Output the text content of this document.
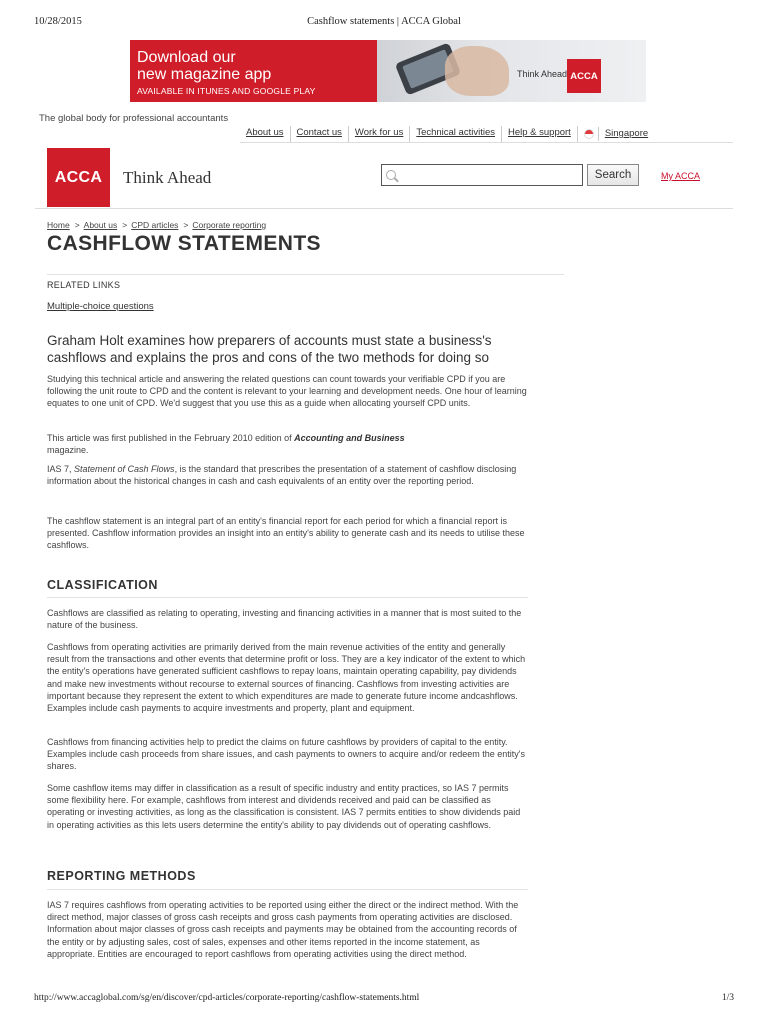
10/28/2015	Cashflow statements | ACCA Global
Download our
new magazine app
AVAILABLE IN ITUNES AND GOOGLE PLAY
Think Ahead ACCA
The global body for professional accountants
About us	Contact us	Work for us	Technical activities	Help & support	Singapore
ACCA	Think Ahead	Search	My ACCA
Home > About us > CPD articles > Corporate reporting
CASHFLOW STATEMENTS
RELATED LINKS
Multiple-choice questions

Graham Holt examines how preparers of accounts must state a business's cashflows and explains the pros and cons of the two methods for doing so

Studying this technical article and answering the related questions can count towards your verifiable CPD if you are following the unit route to CPD and the content is relevant to your learning and development needs. One hour of learning equates to one unit of CPD. We'd suggest that you use this as a guide when allocating yourself CPD units.

This article was first published in the February 2010 edition of Accounting and Business magazine.

IAS 7, Statement of Cash Flows, is the standard that prescribes the presentation of a statement of cashflow disclosing information about the historical changes in cash and cash equivalents of an entity over the reporting period.

The cashflow statement is an integral part of an entity's financial report for each period for which a financial report is presented. Cashflow information provides an insight into an entity's ability to generate cash and its needs to utilise these cashflows.

CLASSIFICATION

Cashflows are classified as relating to operating, investing and financing activities in a manner that is most suited to the nature of the business.

Cashflows from operating activities are primarily derived from the main revenue activities of the entity and generally result from the transactions and other events that determine profit or loss. They are a key indicator of the extent to which the entity's operations have generated sufficient cashflows to repay loans, maintain operating capability, pay dividends and make new investments without recourse to external sources of financing. Cashflows from investing activities are important because they represent the extent to which expenditures are made to generate future income andcashflows. Examples include cash payments to acquire investments and property, plant and equipment.

Cashflows from financing activities help to predict the claims on future cashflows by providers of capital to the entity. Examples include cash proceeds from share issues, and cash payments to owners to acquire and/or redeem the entity's shares.

Some cashflow items may differ in classification as a result of specific industry and entity practices, so IAS 7 permits some flexibility here. For example, cashflows from interest and dividends received and paid can be classified as operating or investing activities, as long as the classification is consistent. IAS 7 permits entities to show dividends paid in operating activities as this lets users determine the entity's ability to pay dividends out of operating cashflows.

REPORTING METHODS

IAS 7 requires cashflows from operating activities to be reported using either the direct or the indirect method. With the direct method, major classes of gross cash receipts and gross cash payments from operating activities are disclosed. Information about major classes of gross cash receipts and payments may be obtained from the accounting records of the entity or by adjusting sales, cost of sales, expenses and other items reported in the income statement, as appropriate. Entities are encouraged to report cashflows from operating activities using the direct method.

http://www.accaglobal.com/sg/en/discover/cpd-articles/corporate-reporting/cashflow-statements.html	1/3
